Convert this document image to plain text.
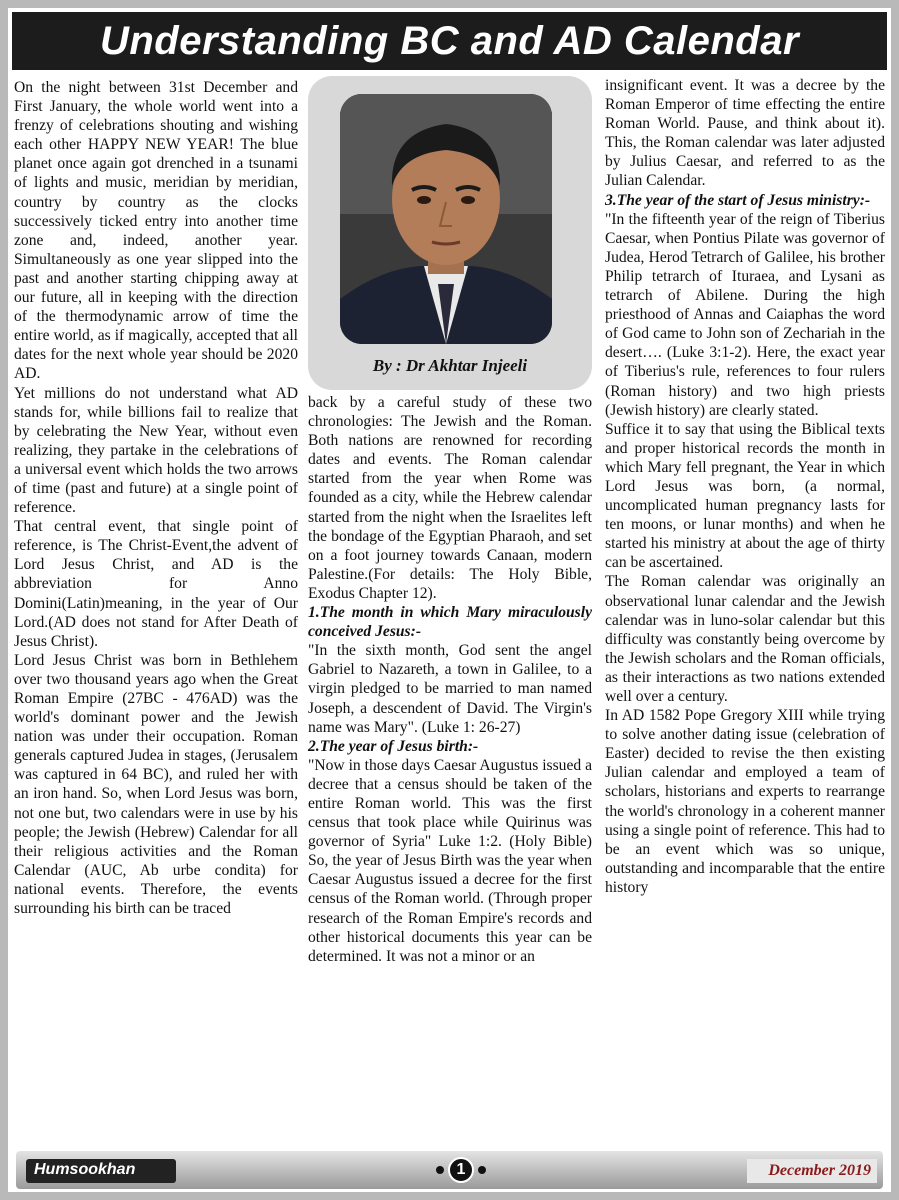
Understanding BC and AD Calendar

On the night between 31st December and First January, the whole world went into a frenzy of celebrations shouting and wishing each other HAPPY NEW YEAR! The blue planet once again got drenched in a tsunami of lights and music, meridian by meridian, country by country as the clocks successively ticked entry into another time zone and, indeed, another year. Simultaneously as one year slipped into the past and another starting chipping away at our future, all in keeping with the direction of the thermodynamic arrow of time the entire world, as if magically, accepted that all dates for the next whole year should be 2020 AD.

Yet millions do not understand what AD stands for, while billions fail to realize that by celebrating the New Year, without even realizing, they partake in the celebrations of a universal event which holds the two arrows of time (past and future) at a single point of reference.

That central event, that single point of reference, is The Christ-Event,the advent of Lord Jesus Christ, and AD is the abbreviation for Anno Domini(Latin)meaning, in the year of Our Lord.(AD does not stand for After Death of Jesus Christ).

Lord Jesus Christ was born in Bethlehem over two thousand years ago when the Great Roman Empire (27BC - 476AD) was the world's dominant power and the Jewish nation was under their occupation. Roman generals captured Judea in stages, (Jerusalem was captured in 64 BC), and ruled her with an iron hand. So, when Lord Jesus was born, not one but, two calendars were in use by his people; the Jewish (Hebrew) Calendar for all their religious activities and the Roman Calendar (AUC, Ab urbe condita) for national events. Therefore, the events surrounding his birth can be traced

By : Dr Akhtar Injeeli

back by a careful study of these two chronologies: The Jewish and the Roman. Both nations are renowned for recording dates and events. The Roman calendar started from the year when Rome was founded as a city, while the Hebrew calendar started from the night when the Israelites left the bondage of the Egyptian Pharaoh, and set on a foot journey towards Canaan, modern Palestine.(For details: The Holy Bible, Exodus Chapter 12).

1.The month in which Mary miraculously conceived Jesus:-

"In the sixth month, God sent the angel Gabriel to Nazareth, a town in Galilee, to a virgin pledged to be married to man named Joseph, a descendent of David. The Virgin's name was Mary". (Luke 1: 26-27)

2.The year of Jesus birth:-

"Now in those days Caesar Augustus issued a decree that a census should be taken of the entire Roman world. This was the first census that took place while Quirinus was governor of Syria" Luke 1:2. (Holy Bible) So, the year of Jesus Birth was the year when Caesar Augustus issued a decree for the first census of the Roman world. (Through proper research of the Roman Empire's records and other historical documents this year can be determined. It was not a minor or an

insignificant event. It was a decree by the Roman Emperor of time effecting the entire Roman World. Pause, and think about it). This, the Roman calendar was later adjusted by Julius Caesar, and referred to as the Julian Calendar.

3.The year of the start of Jesus ministry:-

"In the fifteenth year of the reign of Tiberius Caesar, when Pontius Pilate was governor of Judea, Herod Tetrarch of Galilee, his brother Philip tetrarch of Ituraea, and Lysani as tetrarch of Abilene. During the high priesthood of Annas and Caiaphas the word of God came to John son of Zechariah in the desert…. (Luke 3:1-2). Here, the exact year of Tiberius's rule, references to four rulers (Roman history) and two high priests (Jewish history) are clearly stated.

Suffice it to say that using the Biblical texts and proper historical records the month in which Mary fell pregnant, the Year in which Lord Jesus was born, (a normal, uncomplicated human pregnancy lasts for ten moons, or lunar months) and when he started his ministry at about the age of thirty can be ascertained.

The Roman calendar was originally an observational lunar calendar and the Jewish calendar was in luno-solar calendar but this difficulty was constantly being overcome by the Jewish scholars and the Roman officials, as their interactions as two nations extended well over a century.

In AD 1582 Pope Gregory XIII while trying to solve another dating issue (celebration of Easter) decided to revise the then existing Julian calendar and employed a team of scholars, historians and experts to rearrange the world's chronology in a coherent manner using a single point of reference. This had to be an event which was so unique, outstanding and incomparable that the entire history

Humsookhan	1	December 2019
